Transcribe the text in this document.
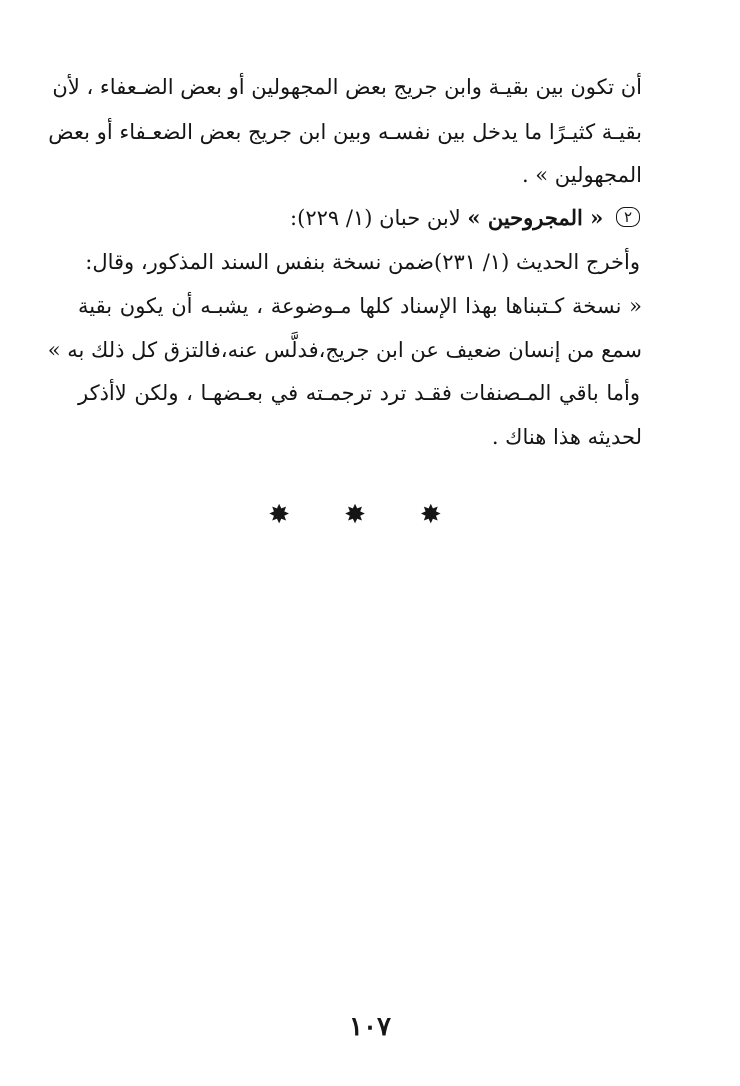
أن تكون بين بقيـة وابن جريج بعض المجهولين أو بعض الضـعفاء ، لأن
بقيـة كثيـرًا ما يدخل بين نفسـه وبين ابن جريج بعض الضعـفاء أو بعض
المجهولين » .
٢ « المجروحين » لابن حبان (١/ ٢٢٩):
وأخرج الحديث (١/ ٢٣١)ضمن نسخة بنفس السند المذكور، وقال:
« نسخة كـتبناها بهذا الإسناد كلها مـوضوعة ، يشبـه أن يكون بقية
سمع من إنسان ضعيف عن ابن جريج،فدلَّس عنه،فالتزق كل ذلك به »
وأما باقي المـصنفات فقـد ترد ترجمـته في بعـضهـا ، ولكن لاأذكر
لحديثه هذا هناك .
✸✸✸
١٠٧
